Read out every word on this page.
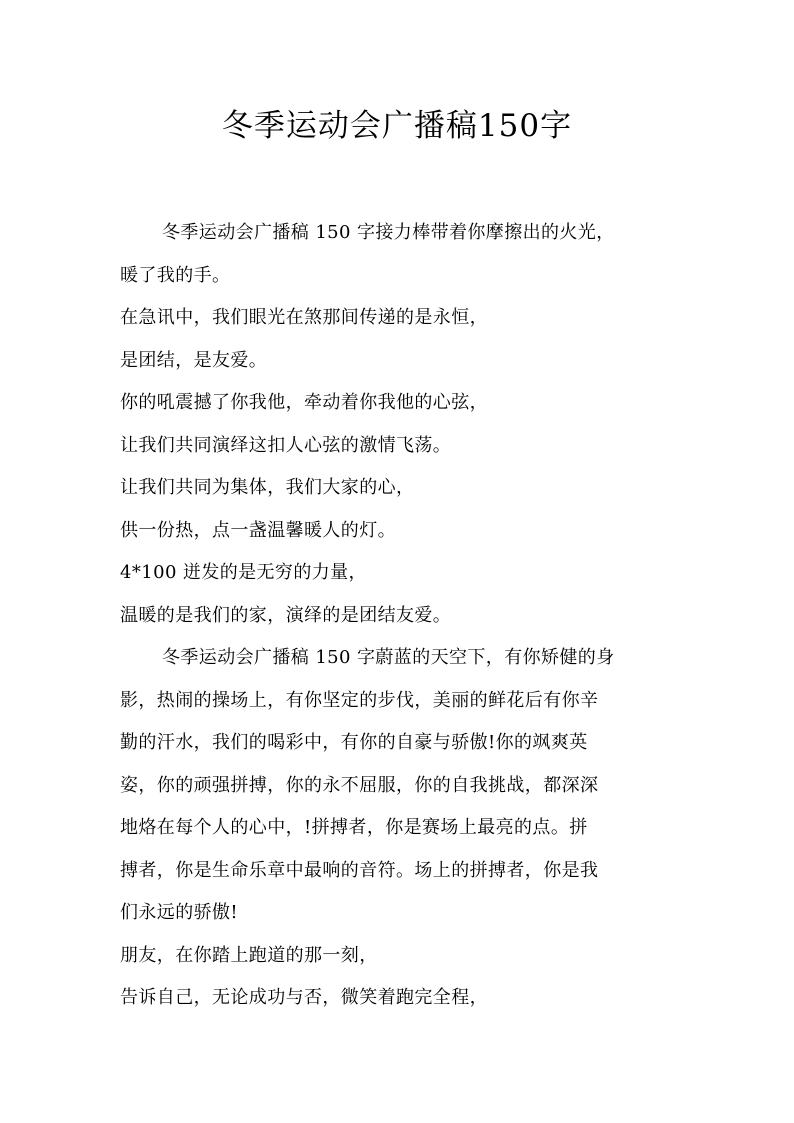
冬季运动会广播稿150字

冬季运动会广播稿 150 字接力棒带着你摩擦出的火光，
暖了我的手。

在急讯中，我们眼光在煞那间传递的是永恒，

是团结，是友爱。

你的吼震撼了你我他，牵动着你我他的心弦，

让我们共同演绎这扣人心弦的激情飞荡。

让我们共同为集体，我们大家的心，

供一份热，点一盏温馨暖人的灯。

4*100 迸发的是无穷的力量，

温暖的是我们的家，演绎的是团结友爱。

冬季运动会广播稿 150 字蔚蓝的天空下，有你矫健的身
影，热闹的操场上，有你坚定的步伐，美丽的鲜花后有你辛
勤的汗水，我们的喝彩中，有你的自豪与骄傲!你的飒爽英
姿，你的顽强拼搏，你的永不屈服，你的自我挑战，都深深
地烙在每个人的心中，!拼搏者，你是赛场上最亮的点。拼
搏者，你是生命乐章中最响的音符。场上的拼搏者，你是我
们永远的骄傲!

朋友，在你踏上跑道的那一刻，

告诉自己，无论成功与否，微笑着跑完全程，
